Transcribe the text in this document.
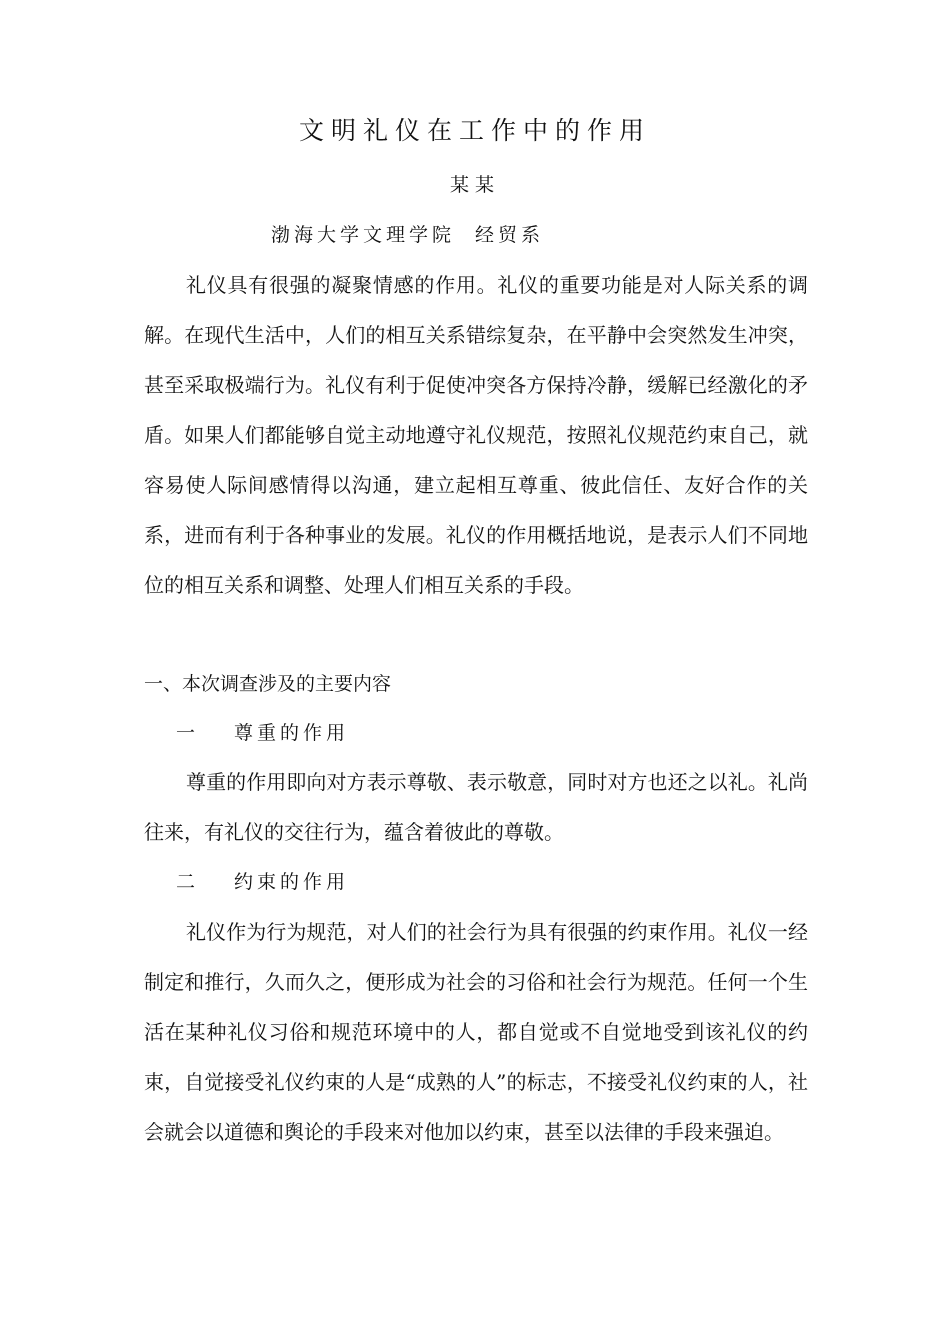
文明礼仪在工作中的作用
某某
渤海大学文理学院 经贸系

礼仪具有很强的凝聚情感的作用。礼仪的重要功能是对人际关系的调解。在现代生活中，人们的相互关系错综复杂，在平静中会突然发生冲突，甚至采取极端行为。礼仪有利于促使冲突各方保持冷静，缓解已经激化的矛盾。如果人们都能够自觉主动地遵守礼仪规范，按照礼仪规范约束自己，就容易使人际间感情得以沟通，建立起相互尊重、彼此信任、友好合作的关系，进而有利于各种事业的发展。礼仪的作用概括地说，是表示人们不同地位的相互关系和调整、处理人们相互关系的手段。

一、本次调查涉及的主要内容
一 尊重的作用

尊重的作用即向对方表示尊敬、表示敬意，同时对方也还之以礼。礼尚往来，有礼仪的交往行为，蕴含着彼此的尊敬。

二 约束的作用

礼仪作为行为规范，对人们的社会行为具有很强的约束作用。礼仪一经制定和推行，久而久之，便形成为社会的习俗和社会行为规范。任何一个生活在某种礼仪习俗和规范环境中的人，都自觉或不自觉地受到该礼仪的约束，自觉接受礼仪约束的人是“成熟的人”的标志，不接受礼仪约束的人，社会就会以道德和舆论的手段来对他加以约束，甚至以法律的手段来强迫。
